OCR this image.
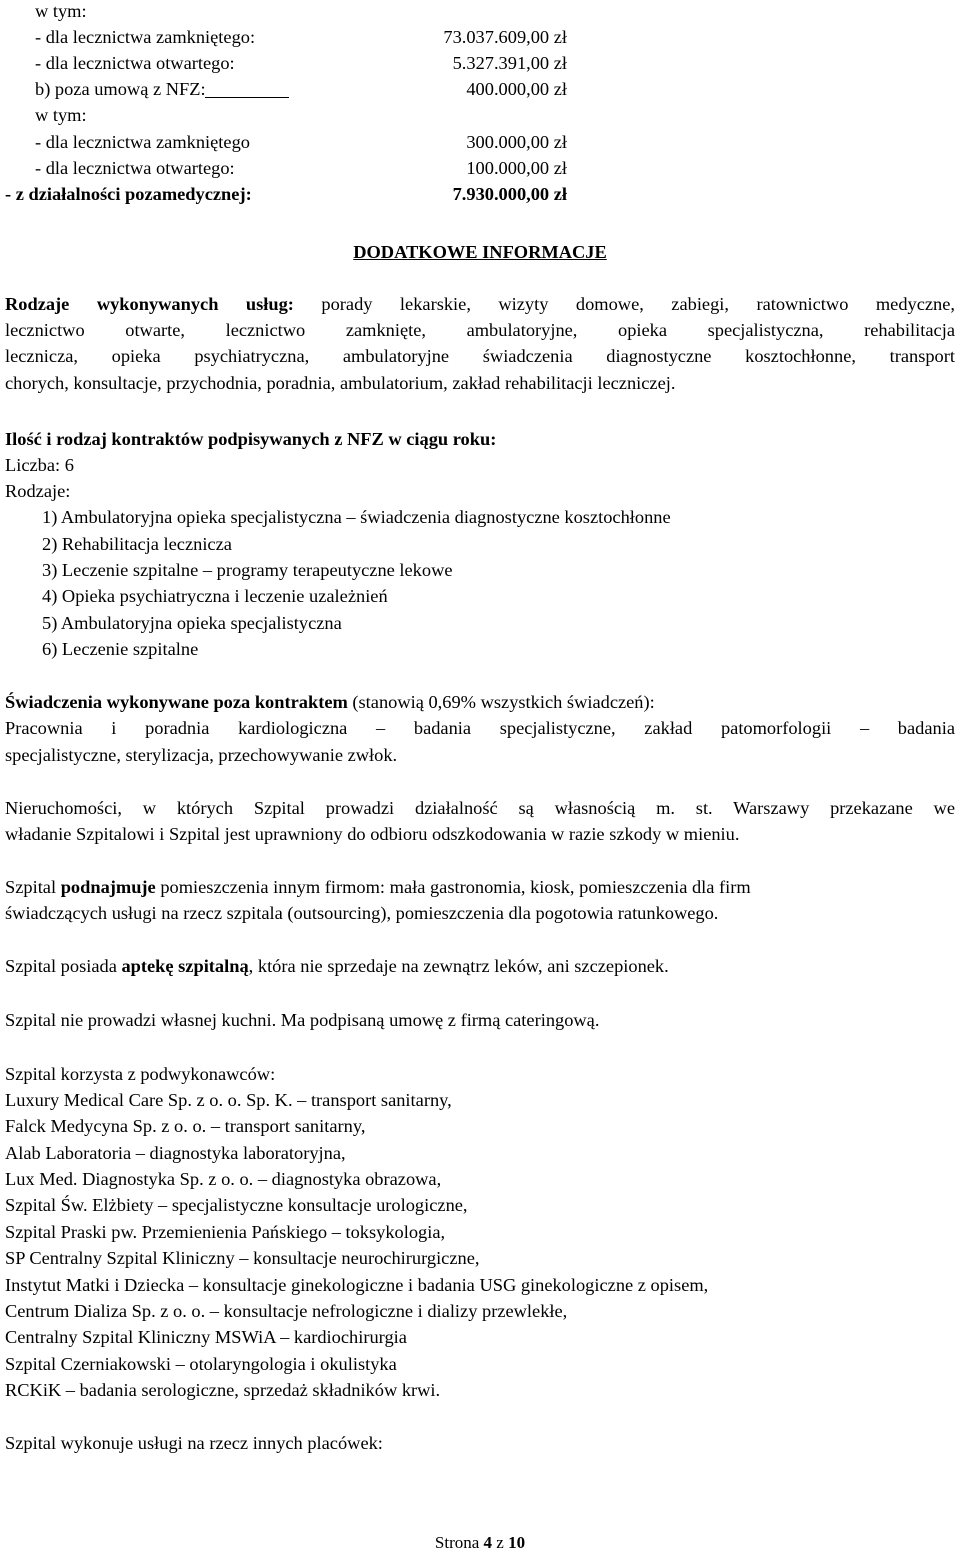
w tym:
- dla lecznictwa zamkniętego:	73.037.609,00 zł
- dla lecznictwa otwartego:	5.327.391,00 zł
b) poza umową z NFZ:	400.000,00 zł
w tym:
- dla lecznictwa zamkniętego	300.000,00 zł
- dla lecznictwa otwartego:	100.000,00 zł
- z działalności pozamedycznej:	7.930.000,00 zł
DODATKOWE INFORMACJE
Rodzaje wykonywanych usług: porady lekarskie, wizyty domowe, zabiegi, ratownictwo medyczne,
lecznictwo otwarte, lecznictwo zamknięte, ambulatoryjne, opieka specjalistyczna, rehabilitacja
lecznicza, opieka psychiatryczna, ambulatoryjne świadczenia diagnostyczne kosztochłonne, transport
chorych, konsultacje, przychodnia, poradnia, ambulatorium, zakład rehabilitacji leczniczej.
Ilość i rodzaj kontraktów podpisywanych z NFZ w ciągu roku:
Liczba: 6
Rodzaje:
1) Ambulatoryjna opieka specjalistyczna – świadczenia diagnostyczne kosztochłonne
2) Rehabilitacja lecznicza
3) Leczenie szpitalne – programy terapeutyczne lekowe
4) Opieka psychiatryczna i leczenie uzależnień
5) Ambulatoryjna opieka specjalistyczna
6) Leczenie szpitalne
Świadczenia wykonywane poza kontraktem (stanowią 0,69% wszystkich świadczeń):
Pracownia i poradnia kardiologiczna – badania specjalistyczne, zakład patomorfologii – badania
specjalistyczne, sterylizacja, przechowywanie zwłok.
Nieruchomości, w których Szpital prowadzi działalność są własnością m. st. Warszawy przekazane we
władanie Szpitalowi i Szpital jest uprawniony do odbioru odszkodowania w razie szkody w mieniu.
Szpital podnajmuje pomieszczenia innym firmom: mała gastronomia, kiosk, pomieszczenia dla firm
świadczących usługi na rzecz szpitala (outsourcing), pomieszczenia dla pogotowia ratunkowego.
Szpital posiada aptekę szpitalną, która nie sprzedaje na zewnątrz leków, ani szczepionek.
Szpital nie prowadzi własnej kuchni. Ma podpisaną umowę z firmą cateringową.
Szpital korzysta z podwykonawców:
Luxury Medical Care Sp. z o. o. Sp. K. – transport sanitarny,
Falck Medycyna Sp. z o. o. – transport sanitarny,
Alab Laboratoria – diagnostyka laboratoryjna,
Lux Med. Diagnostyka Sp. z o. o. – diagnostyka obrazowa,
Szpital Św. Elżbiety – specjalistyczne konsultacje urologiczne,
Szpital Praski pw. Przemienienia Pańskiego – toksykologia,
SP Centralny Szpital Kliniczny – konsultacje neurochirurgiczne,
Instytut Matki i Dziecka – konsultacje ginekologiczne i badania USG ginekologiczne z opisem,
Centrum Dializa Sp. z o. o. – konsultacje nefrologiczne i dializy przewlekłe,
Centralny Szpital Kliniczny MSWiA – kardiochirurgia
Szpital Czerniakowski – otolaryngologia i okulistyka
RCKiK – badania serologiczne, sprzedaż składników krwi.
Szpital wykonuje usługi na rzecz innych placówek:
Strona 4 z 10
